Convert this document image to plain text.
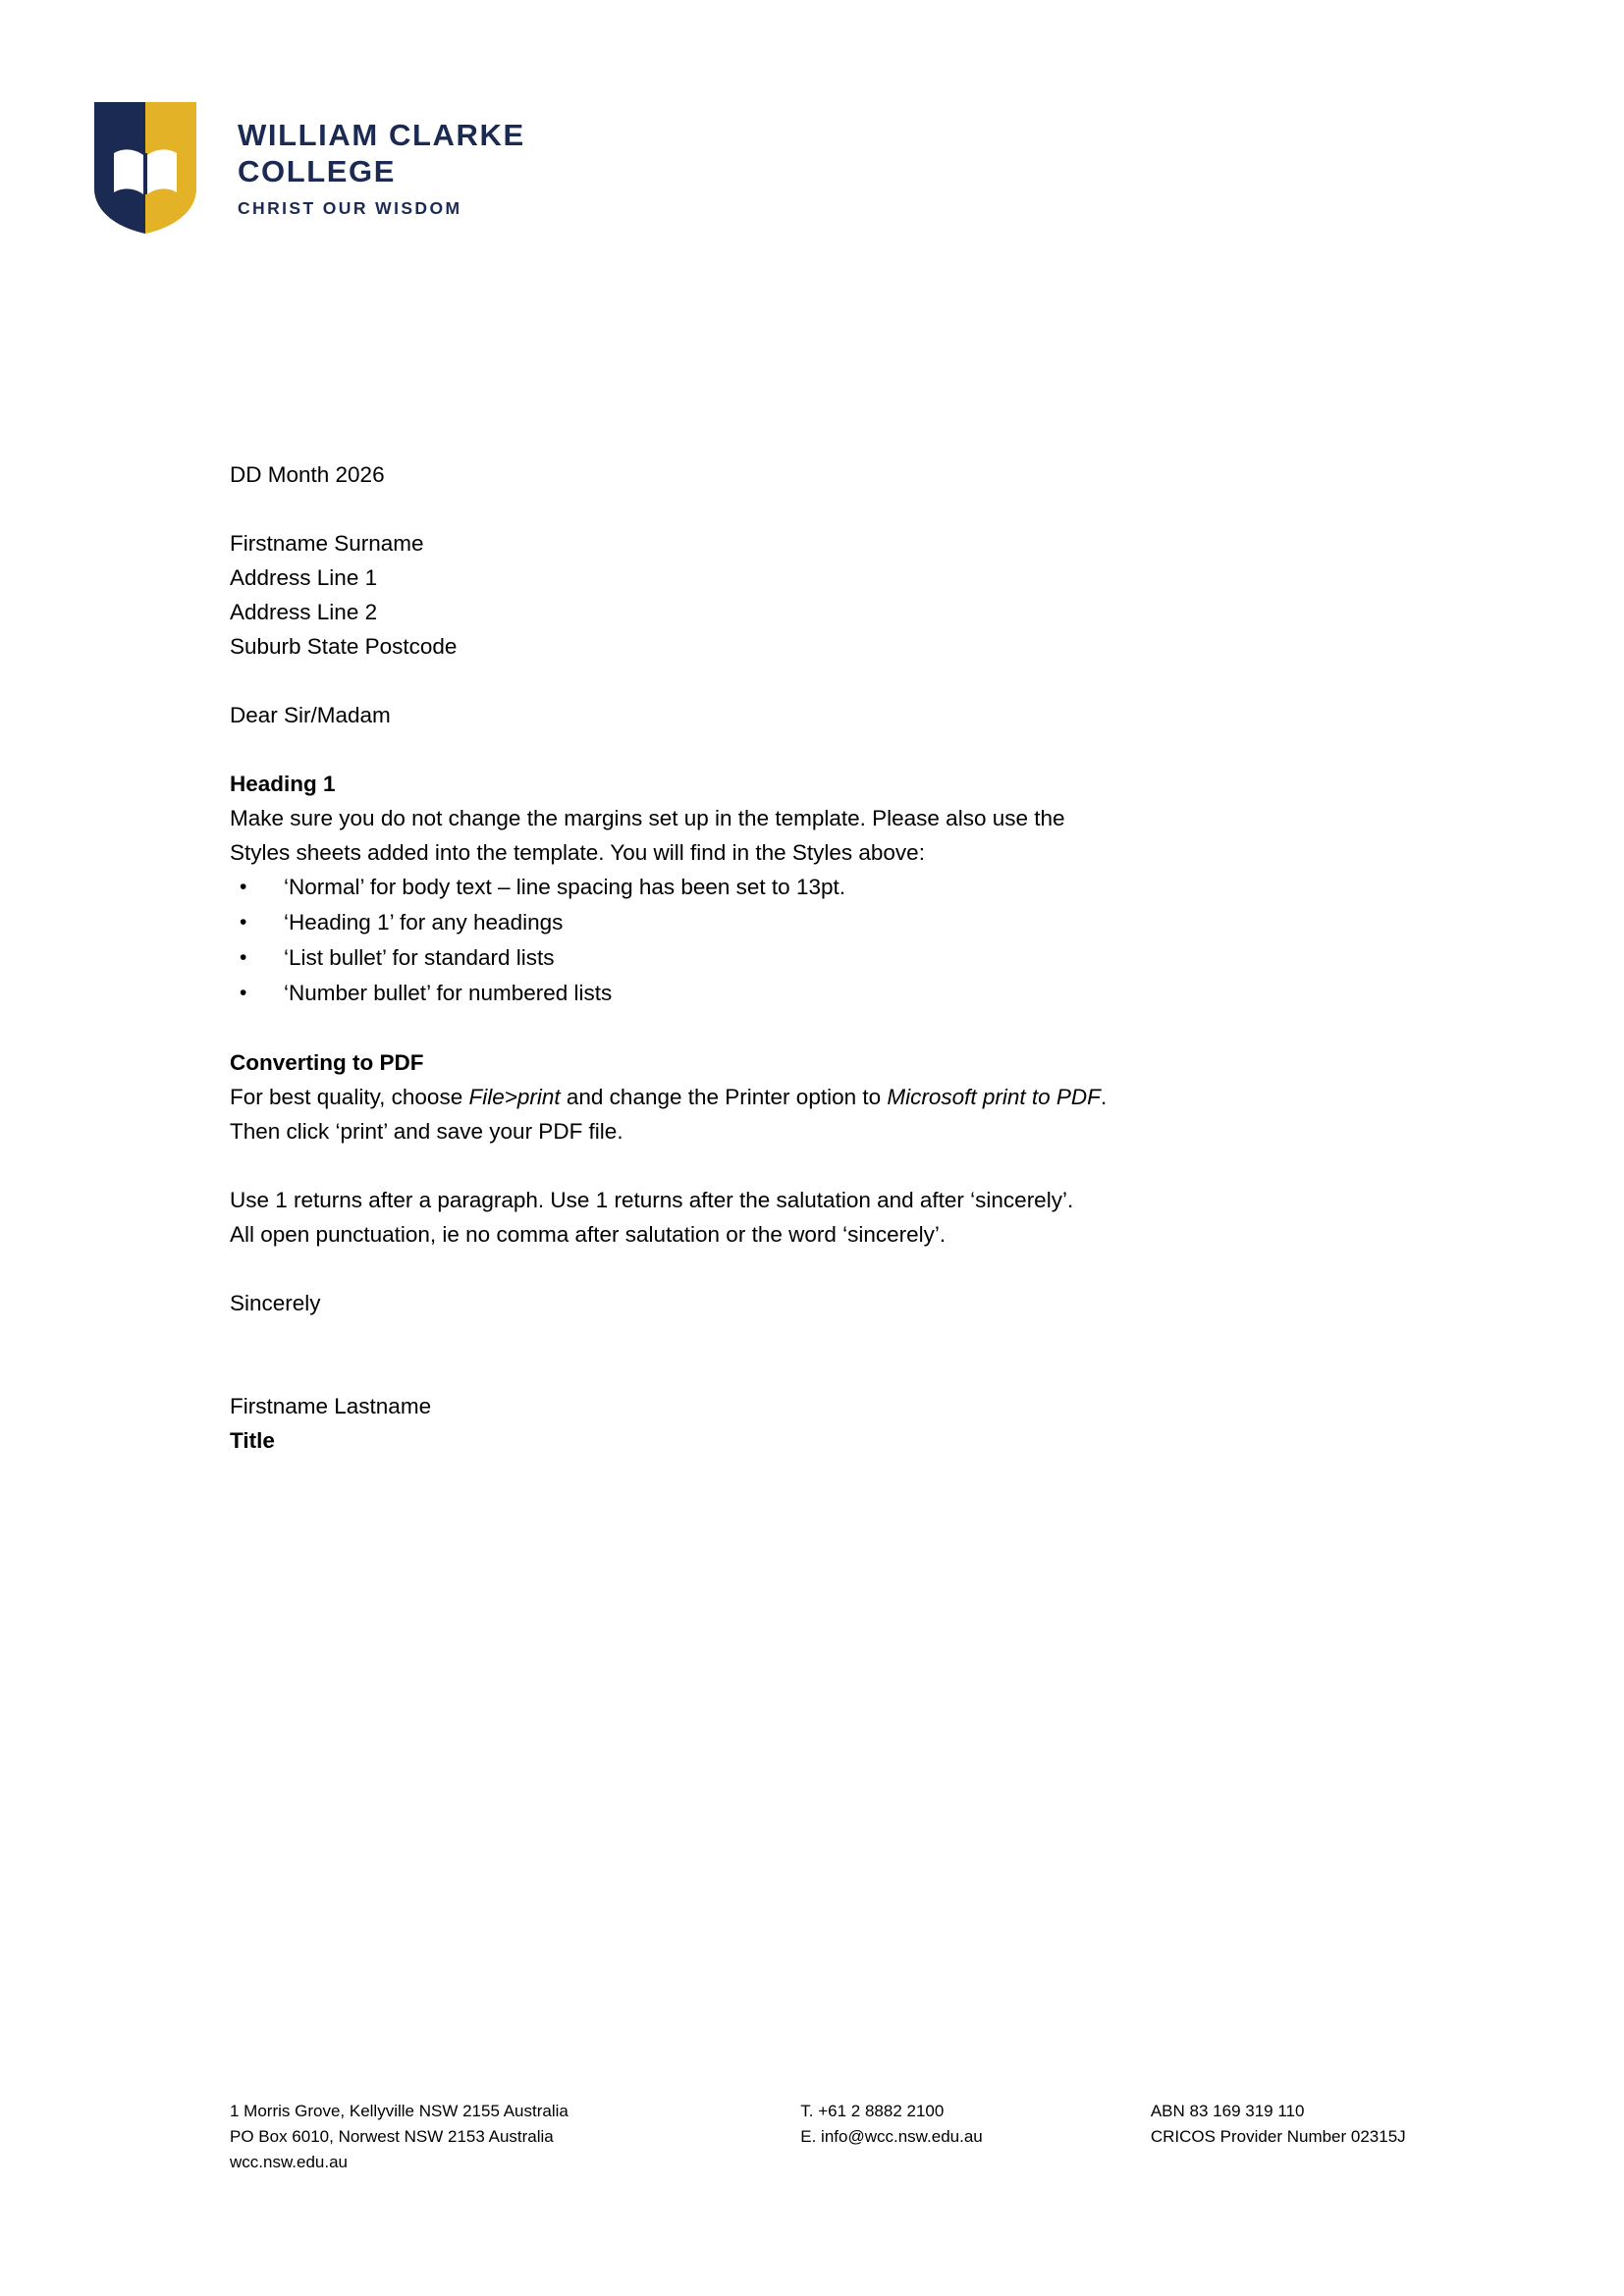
WILLIAM CLARKE
COLLEGE
CHRIST OUR WISDOM

DD Month 2026

Firstname Surname
Address Line 1
Address Line 2
Suburb State Postcode

Dear Sir/Madam

Heading 1

Make sure you do not change the margins set up in the template. Please also use the
Styles sheets added into the template. You will find in the Styles above:
• ‘Normal’ for body text – line spacing has been set to 13pt.
• ‘Heading 1’ for any headings
• ‘List bullet’ for standard lists
• ‘Number bullet’ for numbered lists

Converting to PDF

For best quality, choose File>print and change the Printer option to Microsoft print to PDF.
Then click ‘print’ and save your PDF file.
Use 1 returns after a paragraph. Use 1 returns after the salutation and after ‘sincerely’.
All open punctuation, ie no comma after salutation or the word ‘sincerely’.

Sincerely

Firstname Lastname
Title
1 Morris Grove, Kellyville NSW 2155 Australia
PO Box 6010, Norwest NSW 2153 Australia
wcc.nsw.edu.au
T. +61 2 8882 2100
E. info@wcc.nsw.edu.au
ABN 83 169 319 110
CRICOS Provider Number 02315J
